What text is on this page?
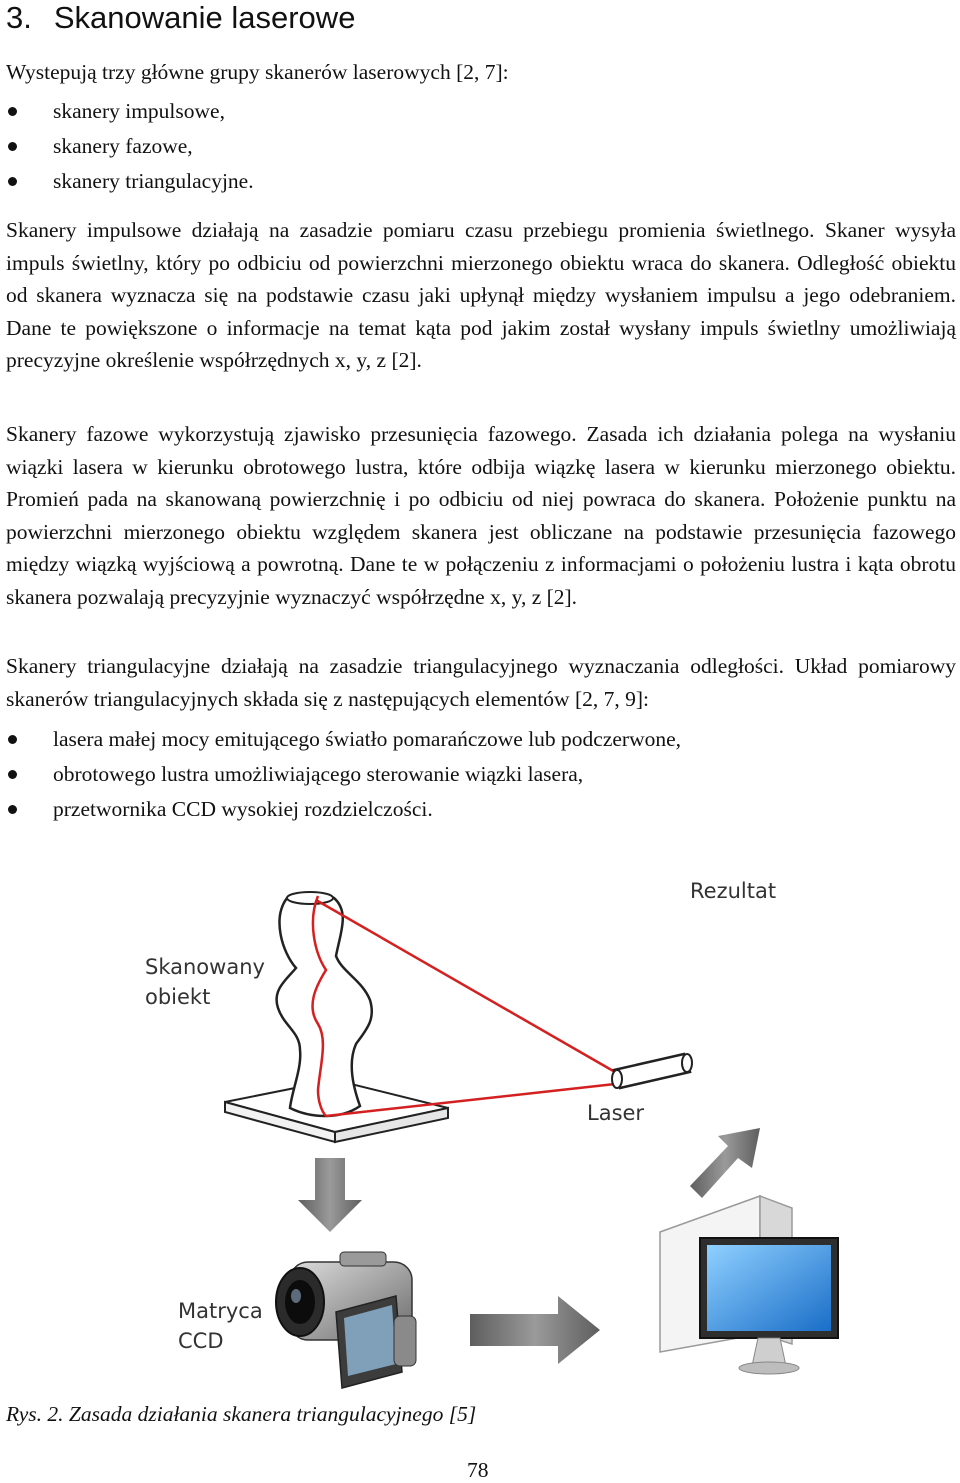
3. Skanowanie laserowe

Wystepują trzy główne grupy skanerów laserowych [2, 7]:

skanery impulsowe,
skanery fazowe,
skanery triangulacyjne.

Skanery impulsowe działają na zasadzie pomiaru czasu przebiegu promienia świetlnego. Skaner wysyła impuls świetlny, który po odbiciu od powierzchni mierzonego obiektu wraca do skanera. Odległość obiektu od skanera wyznacza się na podstawie czasu jaki upłynął między wysłaniem impulsu a jego odebraniem. Dane te powiększone o informacje na temat kąta pod jakim został wysłany impuls świetlny umożliwiają precyzyjne określenie współrzędnych x, y, z [2].

Skanery fazowe wykorzystują zjawisko przesunięcia fazowego. Zasada ich działania polega na wysłaniu wiązki lasera w kierunku obrotowego lustra, które odbija wiązkę lasera w kierunku mierzonego obiektu. Promień pada na skanowaną powierzchnię i po odbiciu od niej powraca do skanera. Położenie punktu na powierzchni mierzonego obiektu względem skanera jest obliczane na podstawie przesunięcia fazowego między wiązką wyjściową a powrotną. Dane te w połączeniu z informacjami o położeniu lustra i kąta obrotu skanera pozwalają precyzyjnie wyznaczyć współrzędne x, y, z [2].

Skanery triangulacyjne działają na zasadzie triangulacyjnego wyznaczania odległości. Układ pomiarowy skanerów triangulacyjnych składa się z następujących elementów [2, 7, 9]:

lasera małej mocy emitującego światło pomarańczowe lub podczerwone,
obrotowego lustra umożliwiającego sterowanie wiązki lasera,
przetwornika CCD wysokiej rozdzielczości.
Rezultat
Skanowany
obiekt
Laser
Matryca
CCD
Rys. 2. Zasada działania skanera triangulacyjnego [5]
78
